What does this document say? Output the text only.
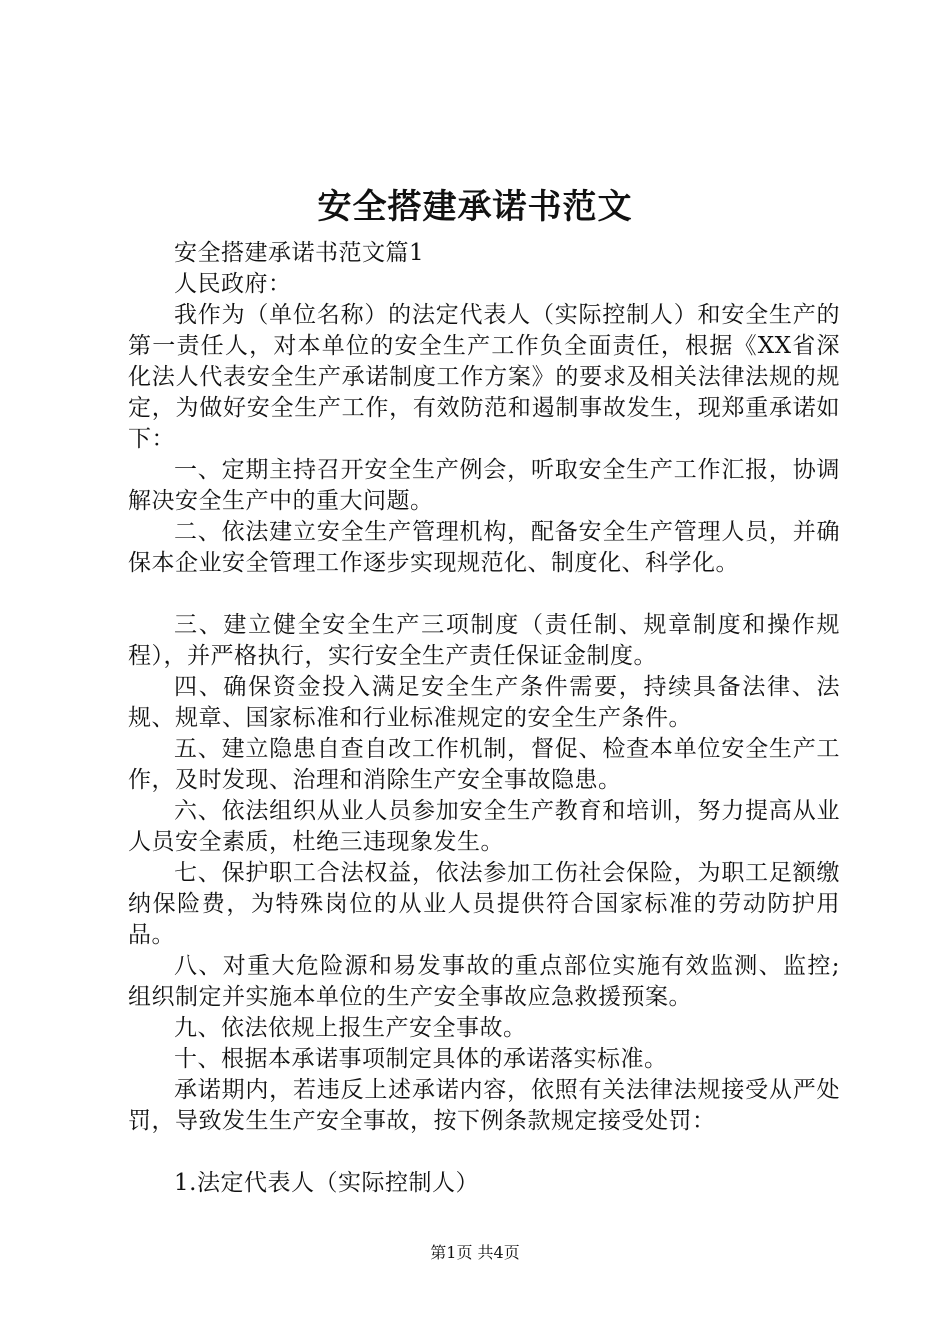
安全搭建承诺书范文

安全搭建承诺书范文篇1

人民政府：

我作为（单位名称）的法定代表人（实际控制人）和安全生产的第一责任人，对本单位的安全生产工作负全面责任，根据《XX省深化法人代表安全生产承诺制度工作方案》的要求及相关法律法规的规定，为做好安全生产工作，有效防范和遏制事故发生，现郑重承诺如下：

一、定期主持召开安全生产例会，听取安全生产工作汇报，协调解决安全生产中的重大问题。

二、依法建立安全生产管理机构，配备安全生产管理人员，并确保本企业安全管理工作逐步实现规范化、制度化、科学化。

三、建立健全安全生产三项制度（责任制、规章制度和操作规程），并严格执行，实行安全生产责任保证金制度。

四、确保资金投入满足安全生产条件需要，持续具备法律、法规、规章、国家标准和行业标准规定的安全生产条件。

五、建立隐患自查自改工作机制，督促、检查本单位安全生产工作，及时发现、治理和消除生产安全事故隐患。

六、依法组织从业人员参加安全生产教育和培训，努力提高从业人员安全素质，杜绝三违现象发生。

七、保护职工合法权益，依法参加工伤社会保险，为职工足额缴纳保险费，为特殊岗位的从业人员提供符合国家标准的劳动防护用品。

八、对重大危险源和易发事故的重点部位实施有效监测、监控;组织制定并实施本单位的生产安全事故应急救援预案。

九、依法依规上报生产安全事故。

十、根据本承诺事项制定具体的承诺落实标准。

承诺期内，若违反上述承诺内容，依照有关法律法规接受从严处罚，导致发生生产安全事故，按下例条款规定接受处罚：

1.法定代表人（实际控制人）

第1页 共4页
